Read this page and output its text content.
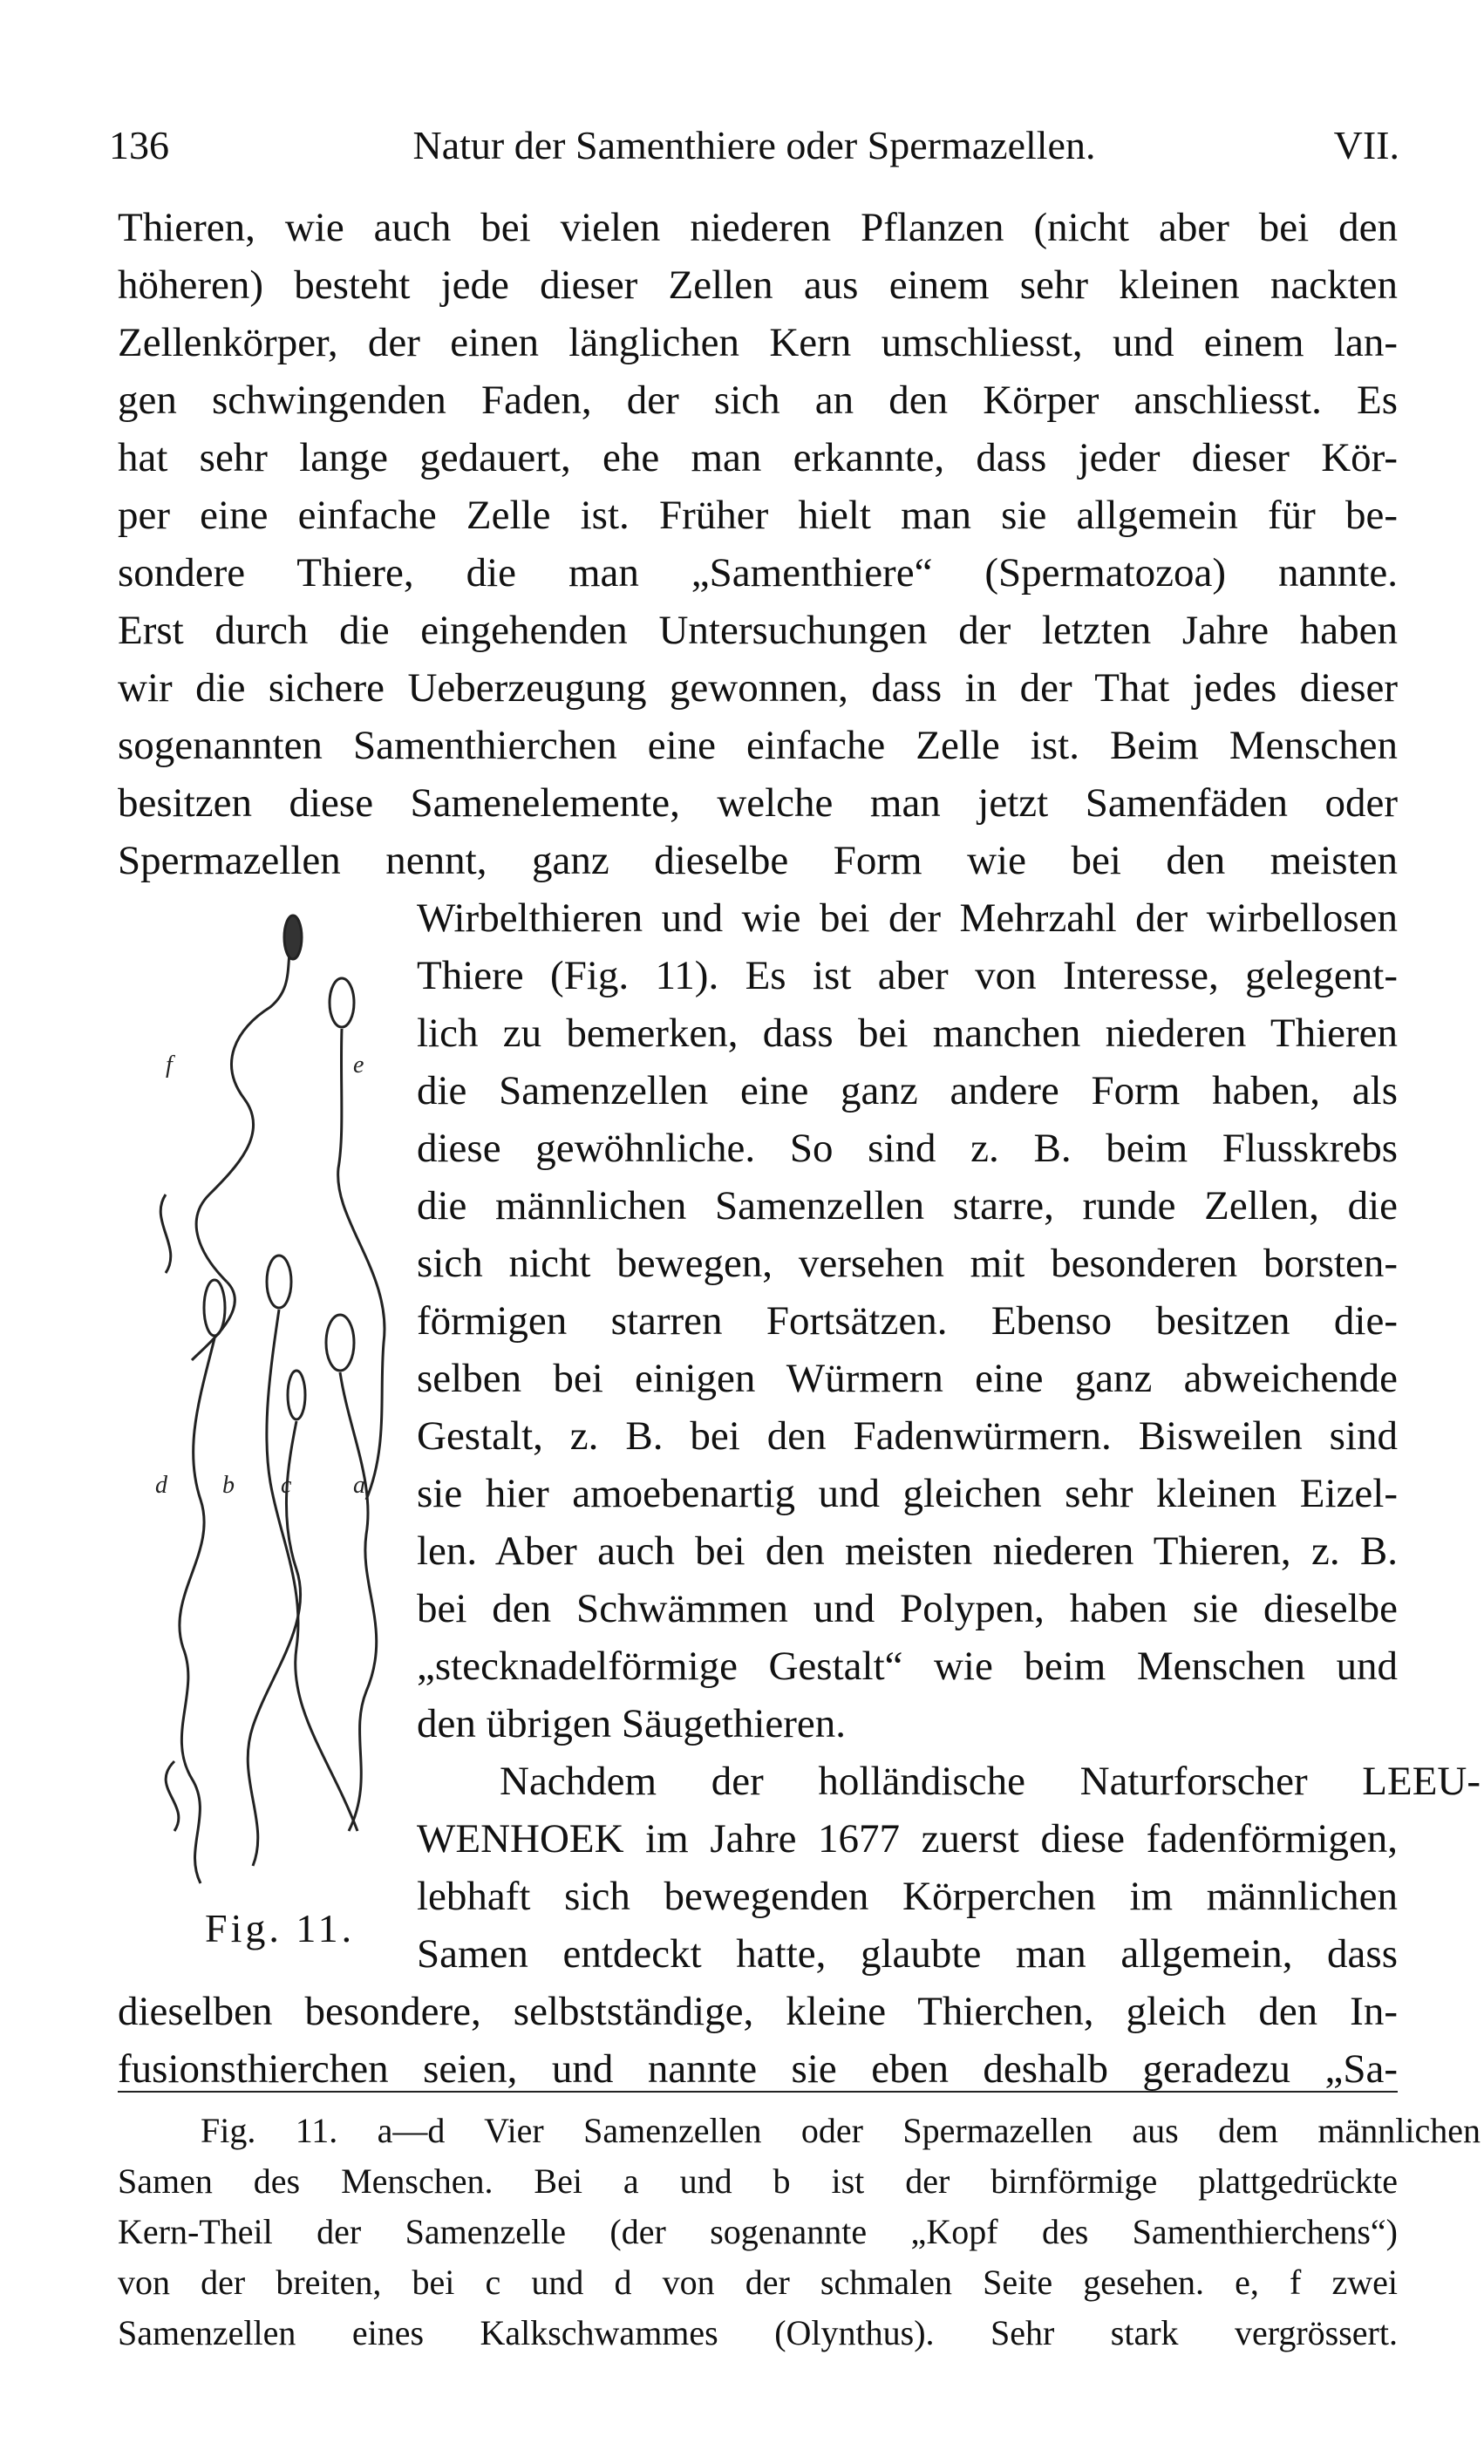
136	Natur der Samenthiere oder Spermazellen.	VII.
Thieren, wie auch bei vielen niederen Pflanzen (nicht aber bei den
höheren) besteht jede dieser Zellen aus einem sehr kleinen nackten
Zellenkörper, der einen länglichen Kern umschliesst, und einem lan-
gen schwingenden Faden, der sich an den Körper anschliesst. Es
hat sehr lange gedauert, ehe man erkannte, dass jeder dieser Kör-
per eine einfache Zelle ist. Früher hielt man sie allgemein für be-
sondere Thiere, die man „Samenthiere“ (Spermatozoa) nannte.
Erst durch die eingehenden Untersuchungen der letzten Jahre haben
wir die sichere Ueberzeugung gewonnen, dass in der That jedes dieser
sogenannten Samenthierchen eine einfache Zelle ist. Beim Menschen
besitzen diese Samenelemente, welche man jetzt Samenfäden oder
Spermazellen nennt, ganz dieselbe Form wie bei den meisten
Wirbelthieren und wie bei der Mehrzahl der wirbellosen
Thiere (Fig. 11). Es ist aber von Interesse, gelegent-
lich zu bemerken, dass bei manchen niederen Thieren
die Samenzellen eine ganz andere Form haben, als
diese gewöhnliche. So sind z. B. beim Flusskrebs
die männlichen Samenzellen starre, runde Zellen, die
sich nicht bewegen, versehen mit besonderen borsten-
förmigen starren Fortsätzen. Ebenso besitzen die-
selben bei einigen Würmern eine ganz abweichende
Gestalt, z. B. bei den Fadenwürmern. Bisweilen sind
sie hier amoebenartig und gleichen sehr kleinen Eizel-
len. Aber auch bei den meisten niederen Thieren, z. B.
bei den Schwämmen und Polypen, haben sie dieselbe
„stecknadelförmige Gestalt“ wie beim Menschen und
den übrigen Säugethieren.
Nachdem der holländische Naturforscher LEEU-
WENHOEK im Jahre 1677 zuerst diese fadenförmigen,
lebhaft sich bewegenden Körperchen im männlichen
Samen entdeckt hatte, glaubte man allgemein, dass
dieselben besondere, selbstständige, kleine Thierchen, gleich den In-
fusionsthierchen seien, und nannte sie eben deshalb geradezu „Sa-
f	e
d b c	a
Fig. 11.
Fig. 11. a—d Vier Samenzellen oder Spermazellen aus dem männlichen
Samen des Menschen. Bei a und b ist der birnförmige plattgedrückte
Kern-Theil der Samenzelle (der sogenannte „Kopf des Samenthierchens“)
von der breiten, bei c und d von der schmalen Seite gesehen. e, f zwei
Samenzellen eines Kalkschwammes (Olynthus). Sehr stark vergrössert.
